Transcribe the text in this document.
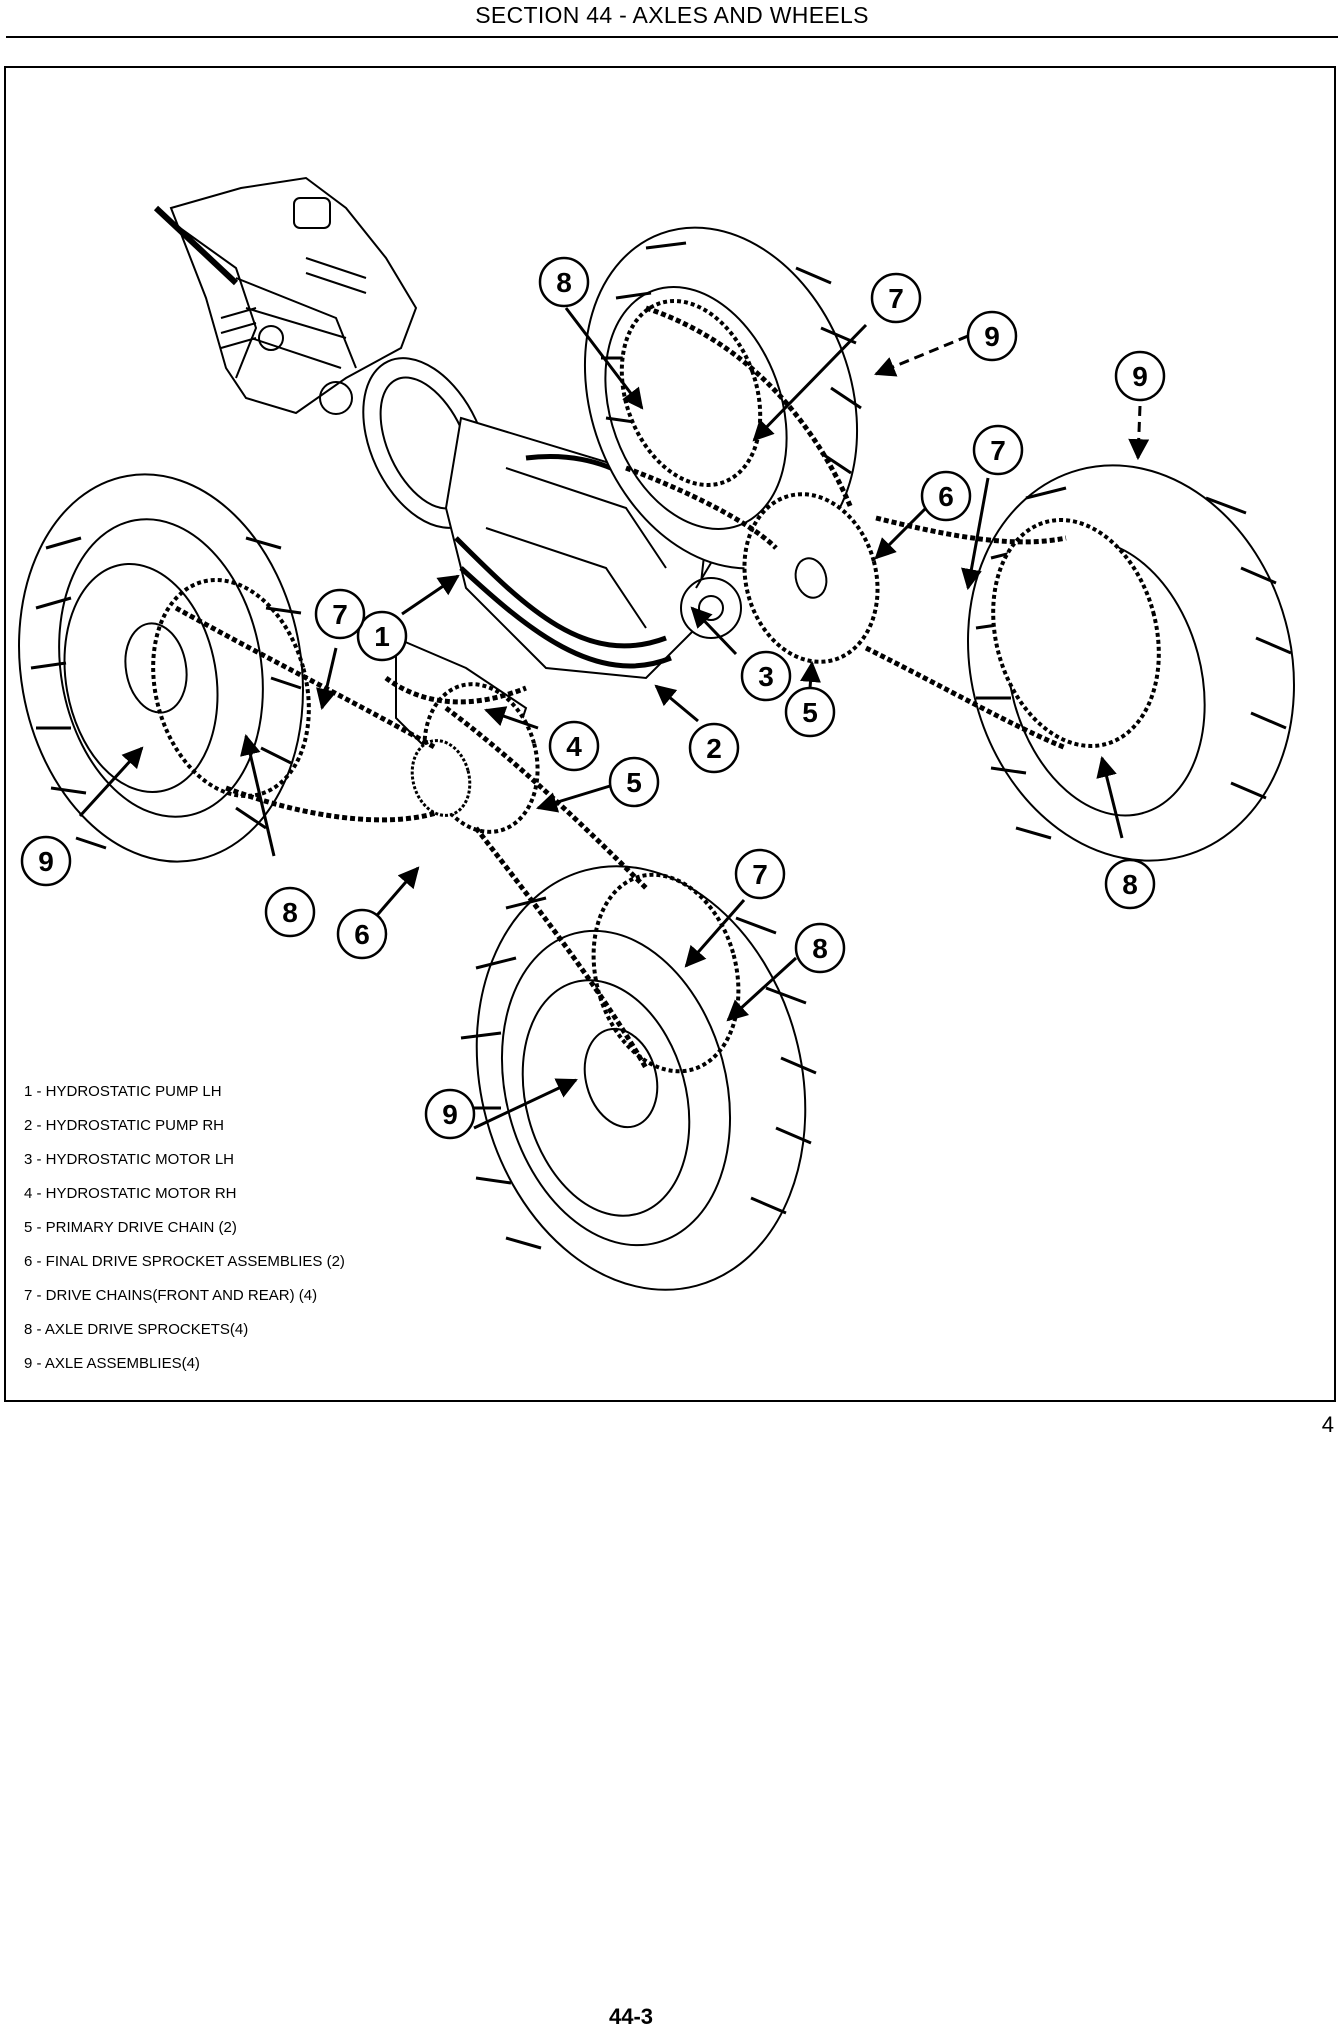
SECTION 44 - AXLES AND WHEELS
1
2
3
4
5
5
6
6
7
7
7
7
8
8
8
8
9
9
9
9
1 - HYDROSTATIC PUMP LH
2 - HYDROSTATIC PUMP RH
3 - HYDROSTATIC MOTOR LH
4 - HYDROSTATIC MOTOR RH
5 - PRIMARY DRIVE CHAIN (2)
6 - FINAL DRIVE SPROCKET ASSEMBLIES (2)
7 - DRIVE CHAINS(FRONT AND REAR) (4)
8 - AXLE DRIVE SPROCKETS(4)
9 - AXLE ASSEMBLIES(4)
4
44-3
